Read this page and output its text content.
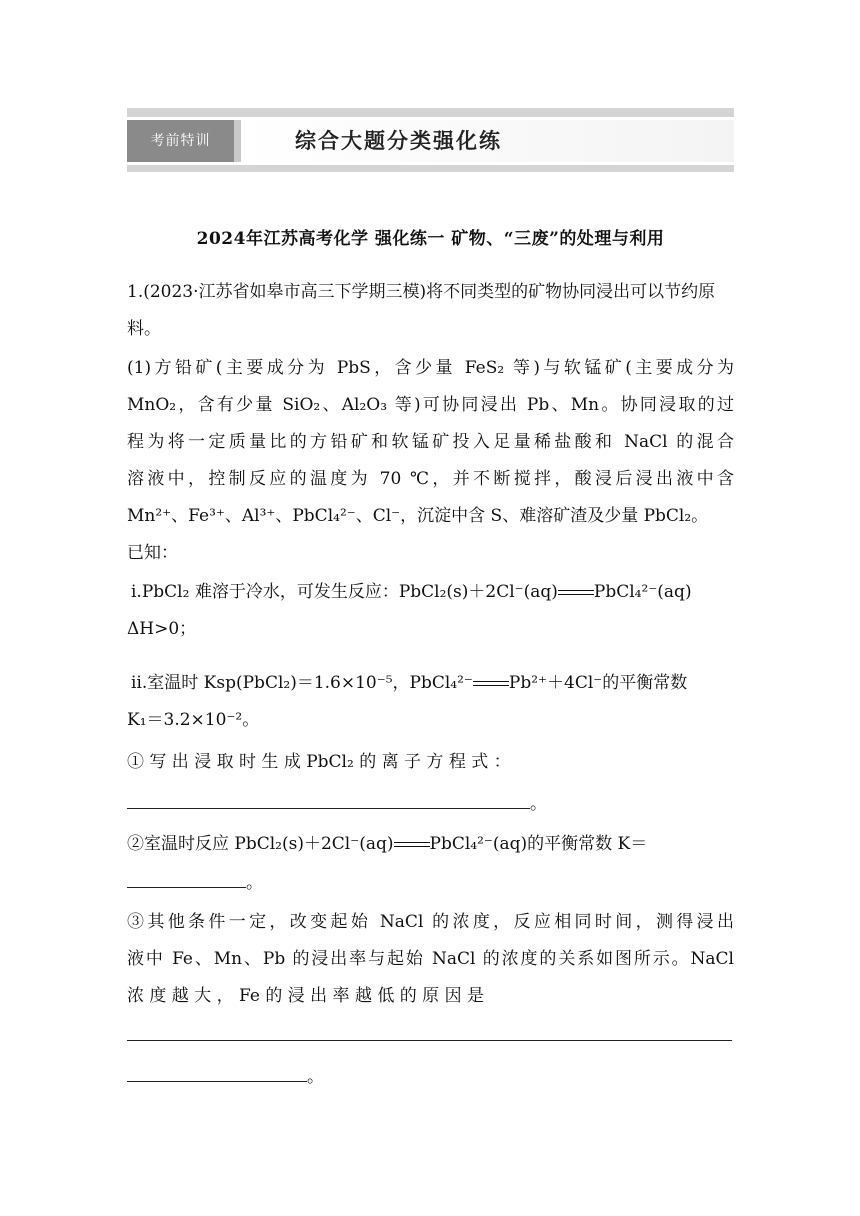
考前特训	综合大题分类强化练
2024年江苏高考化学 强化练一 矿物、“三废”的处理与利用
1.(2023·江苏省如皋市高三下学期三模)将不同类型的矿物协同浸出可以节约原料。
(1)方铅矿(主要成分为 PbS，含少量 FeS₂ 等)与软锰矿(主要成分为
MnO₂，含有少量 SiO₂、Al₂O₃ 等)可协同浸出 Pb、Mn。协同浸取的过
程为将一定质量比的方铅矿和软锰矿投入足量稀盐酸和 NaCl 的混合
溶液中，控制反应的温度为 70 ℃，并不断搅拌，酸浸后浸出液中含
Mn²⁺、Fe³⁺、Al³⁺、PbCl₄²⁻、Cl⁻，沉淀中含 S、难溶矿渣及少量 PbCl₂。
已知：
ⅰ.PbCl₂ 难溶于冷水，可发生反应：PbCl₂(s)＋2Cl⁻(aq) PbCl₄²⁻(aq)
ΔH>0；
ⅱ.室温时 Ksp(PbCl₂)＝1.6×10⁻⁵，PbCl₄²⁻ Pb²⁺＋4Cl⁻的平衡常数
K₁＝3.2×10⁻²。
① 写 出 浸 取 时 生 成 PbCl₂ 的 离 子 方 程 式 ：
。
②室温时反应 PbCl₂(s)＋2Cl⁻(aq) PbCl₄²⁻(aq)的平衡常数 K＝
。
③其他条件一定，改变起始 NaCl 的浓度，反应相同时间，测得浸出
液中 Fe、Mn、Pb 的浸出率与起始 NaCl 的浓度的关系如图所示。NaCl
浓 度 越 大 ， Fe 的 浸 出 率 越 低 的 原 因 是
。
